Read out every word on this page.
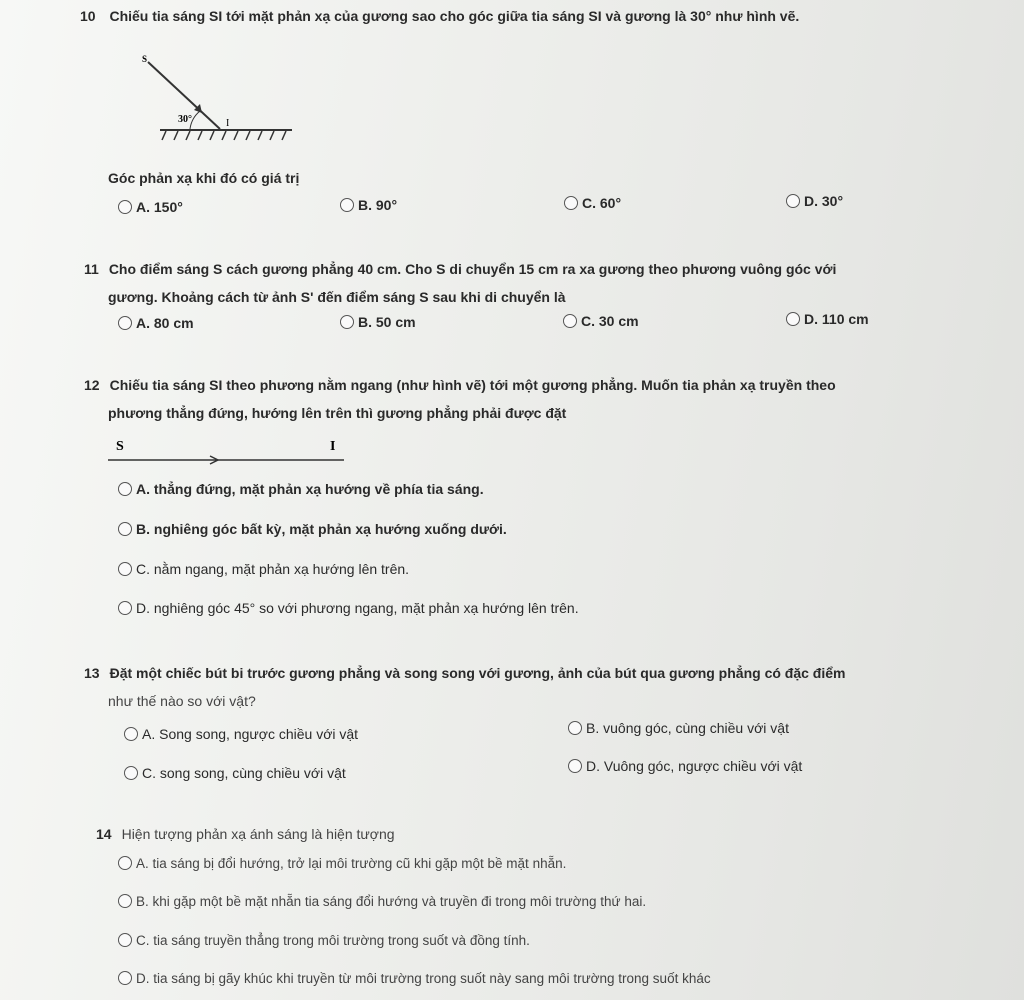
10 Chiếu tia sáng SI tới mặt phản xạ của gương sao cho góc giữa tia sáng SI và gương là 30° như hình vẽ.
S
30°	I
Góc phản xạ khi đó có giá trị
A. 150°	B. 90°	C. 60°	D. 30°
11 Cho điểm sáng S cách gương phẳng 40 cm. Cho S di chuyển 15 cm ra xa gương theo phương vuông góc với
gương. Khoảng cách từ ảnh S' đến điểm sáng S sau khi di chuyển là
A. 80 cm	B. 50 cm	C. 30 cm	D. 110 cm
12 Chiếu tia sáng SI theo phương nằm ngang (như hình vẽ) tới một gương phẳng. Muốn tia phản xạ truyền theo
phương thẳng đứng, hướng lên trên thì gương phẳng phải được đặt
S	I
A. thẳng đứng, mặt phản xạ hướng về phía tia sáng.
B. nghiêng góc bất kỳ, mặt phản xạ hướng xuống dưới.
C. nằm ngang, mặt phản xạ hướng lên trên.
D. nghiêng góc 45° so với phương ngang, mặt phản xạ hướng lên trên.
13 Đặt một chiếc bút bi trước gương phẳng và song song với gương, ảnh của bút qua gương phẳng có đặc điểm
như thế nào so với vật?
A. Song song, ngược chiều với vật	B. vuông góc, cùng chiều với vật
C. song song, cùng chiều với vật	D. Vuông góc, ngược chiều với vật
14 Hiện tượng phản xạ ánh sáng là hiện tượng
A. tia sáng bị đổi hướng, trở lại môi trường cũ khi gặp một bề mặt nhẵn.
B. khi gặp một bề mặt nhẵn tia sáng đổi hướng và truyền đi trong môi trường thứ hai.
C. tia sáng truyền thẳng trong môi trường trong suốt và đồng tính.
D. tia sáng bị gãy khúc khi truyền từ môi trường trong suốt này sang môi trường trong suốt khác
